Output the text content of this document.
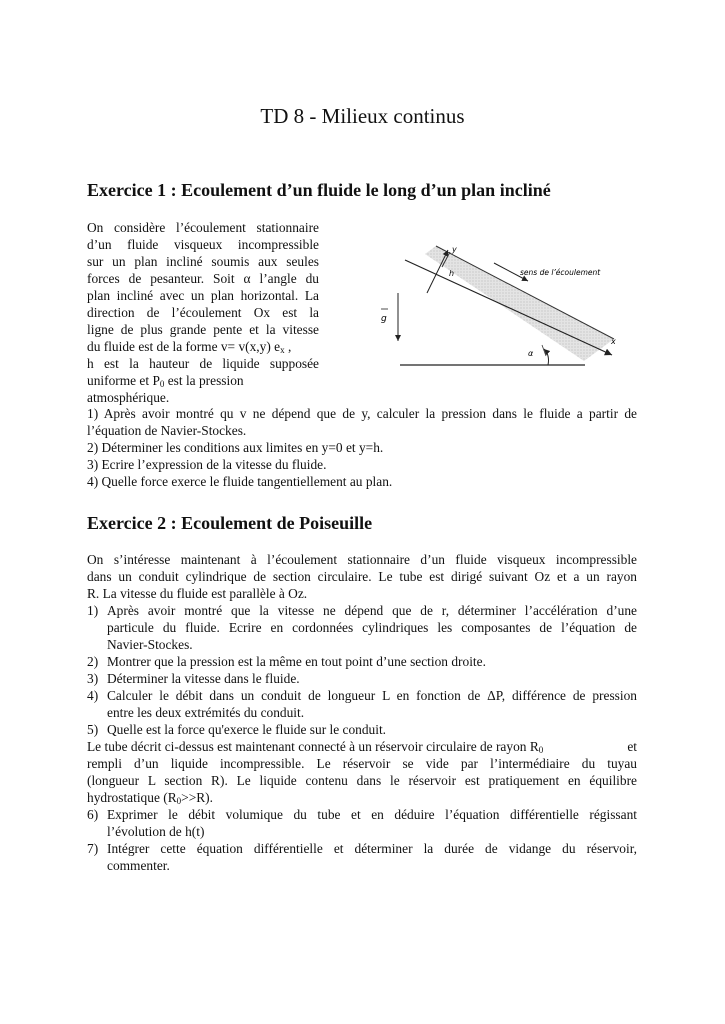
TD 8 - Milieux continus
Exercice 1 : Ecoulement d’un fluide le long d’un plan incliné
On considère l’écoulement stationnaire
d’un fluide visqueux incompressible
sur un plan incliné soumis aux seules
forces de pesanteur. Soit α l’angle du
plan incliné avec un plan horizontal. La
direction de l’écoulement Ox est la
ligne de plus grande pente et la vitesse
du fluide est de la forme v= v(x,y) $e_x$ ,
h est la hauteur de liquide supposée
uniforme et $P_0$ est la pression
atmosphérique.
1) Après avoir montré qu v ne dépend que de y, calculer la pression dans le fluide a partir de
l’équation de Navier-Stockes.
2) Déterminer les conditions aux limites en y=0 et y=h.
3) Ecrire l’expression de la vitesse du fluide.
4) Quelle force exerce le fluide tangentiellement au plan.
y
h	sens de l’écoulement
g
α
x
Exercice 2 : Ecoulement de Poiseuille
On s’intéresse maintenant à l’écoulement stationnaire d’un fluide visqueux incompressible
dans un conduit cylindrique de section circulaire. Le tube est dirigé suivant Oz et a un rayon
R. La vitesse du fluide est parallèle à Oz.
1) Après avoir montré que la vitesse ne dépend que de r, déterminer l’accélération d’une
particule du fluide. Ecrire en cordonnées cylindriques les composantes de l’équation de
Navier-Stockes.
2) Montrer que la pression est la même en tout point d’une section droite.
3) Déterminer la vitesse dans le fluide.
4) Calculer le débit dans un conduit de longueur L en fonction de ΔP, différence de pression
entre les deux extrémités du conduit.
5) Quelle est la force qu'exerce le fluide sur le conduit.
Le tube décrit ci-dessus est maintenant connecté à un réservoir circulaire de rayon $R_0$	et
rempli d’un liquide incompressible. Le réservoir se vide par l’intermédiaire du tuyau
(longueur L section R). Le liquide contenu dans le réservoir est pratiquement en équilibre
hydrostatique $(R_0>>R)$.
6) Exprimer le débit volumique du tube et en déduire l’équation différentielle régissant
l’évolution de h(t)
7) Intégrer cette équation différentielle et déterminer la durée de vidange du réservoir,
commenter.
